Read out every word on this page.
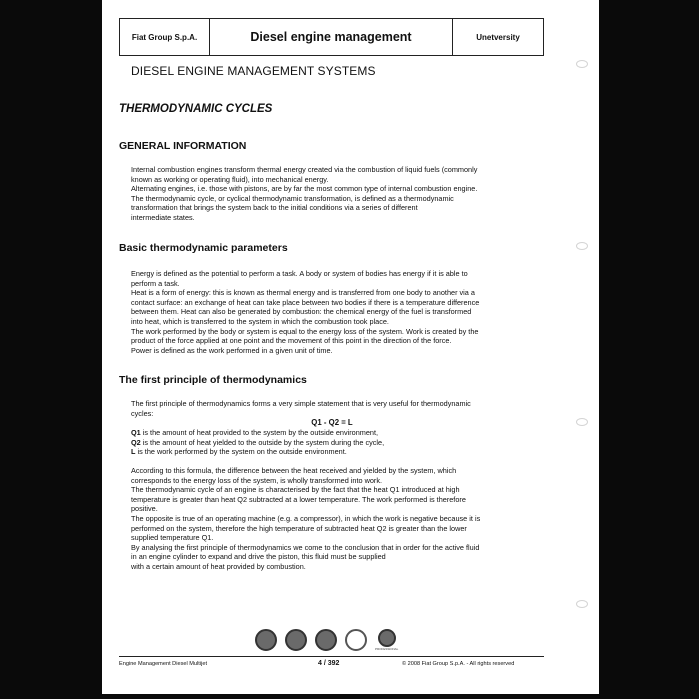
Fiat Group S.p.A.	Diesel engine management	Unetversity
DIESEL ENGINE MANAGEMENT SYSTEMS
THERMODYNAMIC CYCLES
GENERAL INFORMATION
Internal combustion engines transform thermal energy created via the combustion of liquid fuels (commonly
known as working or operating fluid), into mechanical energy.
Alternating engines, i.e. those with pistons, are by far the most common type of internal combustion engine.
The thermodynamic cycle, or cyclical thermodynamic transformation, is defined as a thermodynamic
transformation that brings the system back to the initial conditions via a series of different
intermediate states.
Basic thermodynamic parameters
Energy is defined as the potential to perform a task. A body or system of bodies has energy if it is able to
perform a task.
Heat is a form of energy: this is known as thermal energy and is transferred from one body to another via a
contact surface: an exchange of heat can take place between two bodies if there is a temperature difference
between them. Heat can also be generated by combustion: the chemical energy of the fuel is transformed
into heat, which is transferred to the system in which the combustion took place.
The work performed by the body or system is equal to the energy loss of the system. Work is created by the
product of the force applied at one point and the movement of this point in the direction of the force.
Power is defined as the work performed in a given unit of time.
The first principle of thermodynamics
The first principle of thermodynamics forms a very simple statement that is very useful for thermodynamic
cycles:
Q1 - Q2 = L
Q1 is the amount of heat provided to the system by the outside environment,
Q2 is the amount of heat yielded to the outside by the system during the cycle,
L is the work performed by the system on the outside environment.
According to this formula, the difference between the heat received and yielded by the system, which
corresponds to the energy loss of the system, is wholly transformed into work.
The thermodynamic cycle of an engine is characterised by the fact that the heat Q1 introduced at high
temperature is greater than heat Q2 subtracted at a lower temperature. The work performed is therefore
positive.
The opposite is true of an operating machine (e.g. a compressor), in which the work is negative because it is
performed on the system, therefore the high temperature of subtracted heat Q2 is greater than the lower
supplied temperature Q1.
By analysing the first principle of thermodynamics we come to the conclusion that in order for the active fluid
in an engine cylinder to expand and drive the piston, this fluid must be supplied
with a certain amount of heat provided by combustion.
PROFESSIONAL
Engine Management Diesel Multijet	4 / 392	© 2008 Fiat Group S.p.A. - All rights reserved
